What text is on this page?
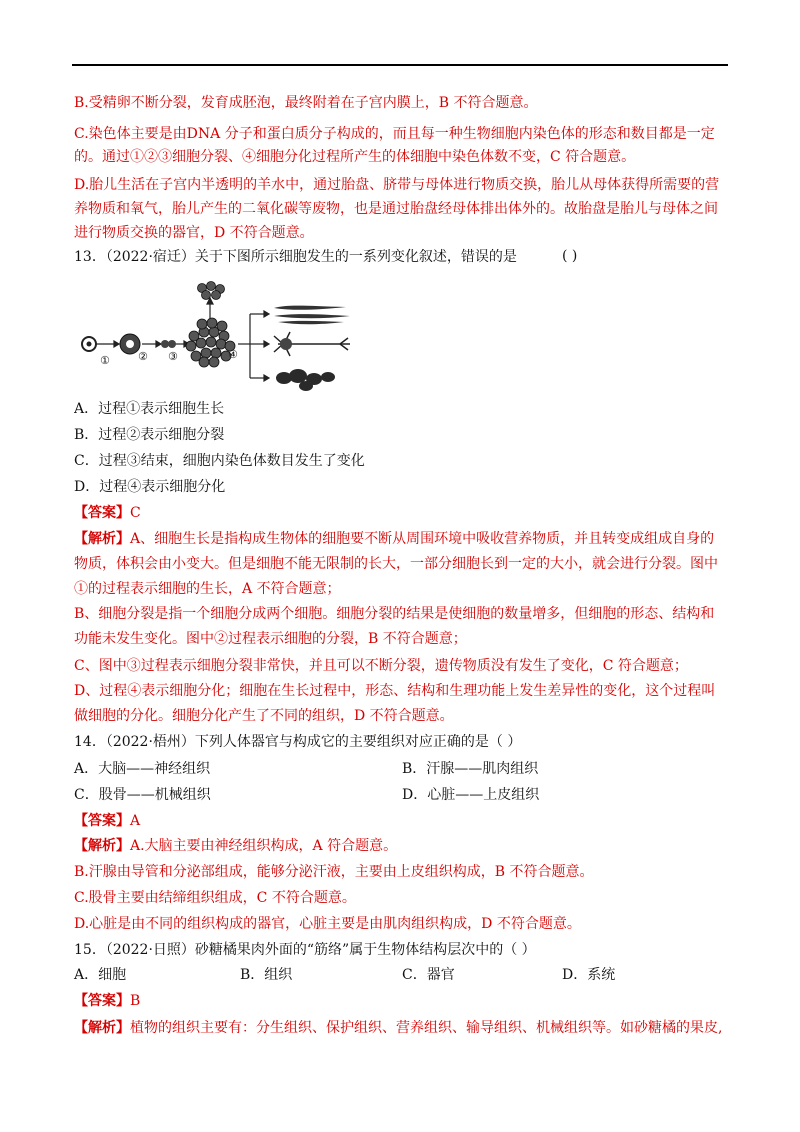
B.受精卵不断分裂，发育成胚泡，最终附着在子宫内膜上，B 不符合题意。
C.染色体主要是由DNA 分子和蛋白质分子构成的，而且每一种生物细胞内染色体的形态和数目都是一定
的。通过①②③细胞分裂、④细胞分化过程所产生的体细胞中染色体数不变，C 符合题意。
D.胎儿生活在子宫内半透明的羊水中，通过胎盘、脐带与母体进行物质交换，胎儿从母体获得所需要的营
养物质和氧气，胎儿产生的二氧化碳等废物，也是通过胎盘经母体排出体外的。故胎盘是胎儿与母体之间
进行物质交换的器官，D 不符合题意。
13．（2022·宿迁）关于下图所示细胞发生的一系列变化叙述，错误的是	( )
①	② ③	④
A．过程①表示细胞生长
B．过程②表示细胞分裂
C．过程③结束，细胞内染色体数目发生了变化
D．过程④表示细胞分化
【答案】C
【解析】A、细胞生长是指构成生物体的细胞要不断从周围环境中吸收营养物质，并且转变成组成自身的
物质，体积会由小变大。但是细胞不能无限制的长大，一部分细胞长到一定的大小，就会进行分裂。图中
①的过程表示细胞的生长，A 不符合题意；
B、细胞分裂是指一个细胞分成两个细胞。细胞分裂的结果是使细胞的数量增多，但细胞的形态、结构和
功能未发生变化。图中②过程表示细胞的分裂，B 不符合题意；
C、图中③过程表示细胞分裂非常快，并且可以不断分裂，遗传物质没有发生了变化，C 符合题意；
D、过程④表示细胞分化；细胞在生长过程中，形态、结构和生理功能上发生差异性的变化，这个过程叫
做细胞的分化。细胞分化产生了不同的组织，D 不符合题意。
14．（2022·梧州）下列人体器官与构成它的主要组织对应正确的是（ ）
A．大脑——神经组织	B．汗腺——肌肉组织
C．股骨——机械组织	D．心脏——上皮组织
【答案】A
【解析】A.大脑主要由神经组织构成，A 符合题意。
B.汗腺由导管和分泌部组成，能够分泌汗液，主要由上皮组织构成，B 不符合题意。
C.股骨主要由结缔组织组成，C 不符合题意。
D.心脏是由不同的组织构成的器官，心脏主要是由肌肉组织构成，D 不符合题意。
15．（2022·日照）砂糖橘果肉外面的“筋络”属于生物体结构层次中的（ ）
A．细胞	B．组织	C．器官	D．系统
【答案】B
【解析】植物的组织主要有：分生组织、保护组织、营养组织、输导组织、机械组织等。如砂糖橘的果皮,
